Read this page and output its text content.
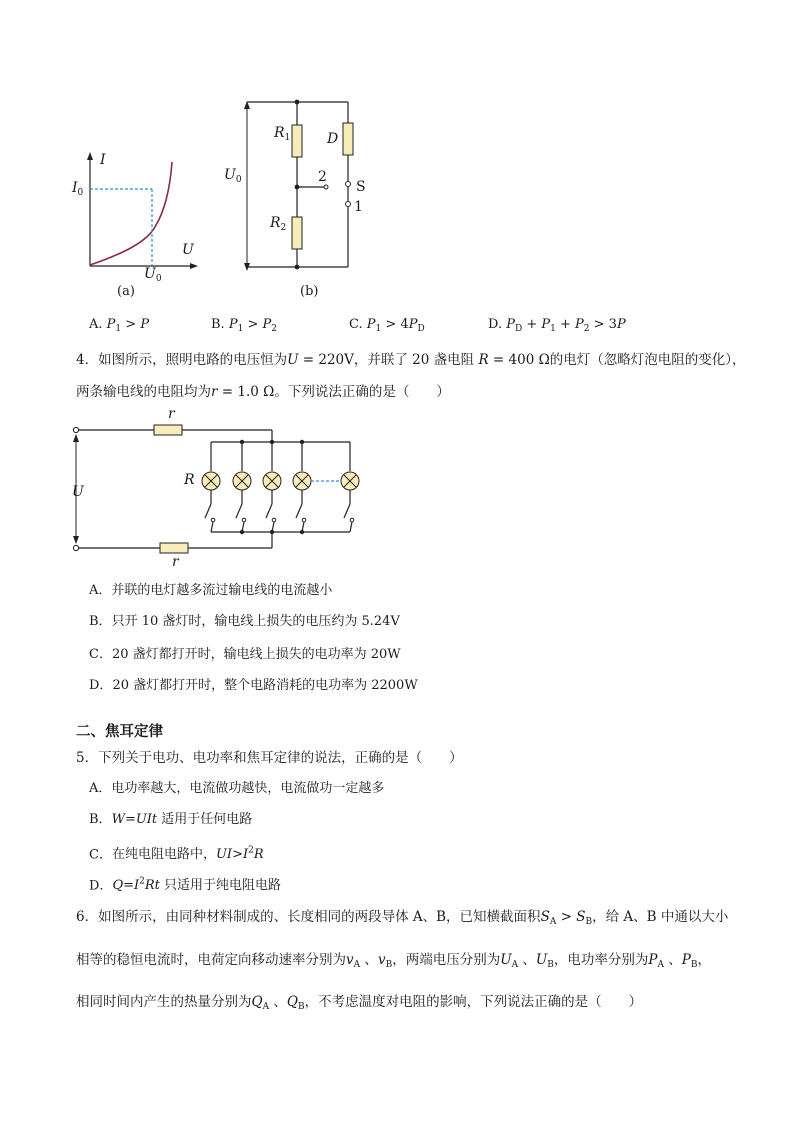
I
U
$I_0$
$U_0$
(a)
$R_1$
$R_2$
D
$U_0$	2
S
1
(b)
A. $P_1 > P$	B. $P_1 > P_2$	C. $P_1 > 4P_D$	D. $P_D + P_1 + P_2 > 3P$
4．如图所示，照明电路的电压恒为U = 220V，并联了 20 盏电阻 R = 400 Ω的电灯（忽略灯泡电阻的变化），
两条输电线的电阻均为r = 1.0 Ω。下列说法正确的是（　　）
r
r
U
R
A．并联的电灯越多流过输电线的电流越小
B．只开 10 盏灯时，输电线上损失的电压约为 5.24V
C．20 盏灯都打开时，输电线上损失的电功率为 20W
D．20 盏灯都打开时，整个电路消耗的电功率为 2200W
二、焦耳定律
5．下列关于电功、电功率和焦耳定律的说法，正确的是（　　）
A．电功率越大，电流做功越快，电流做功一定越多
B．W=UIt 适用于任何电路
C．在纯电阻电路中，$UI>I^2R$
D．$Q=I^2Rt$ 只适用于纯电阻电路
6．如图所示，由同种材料制成的、长度相同的两段导体 A、B，已知横截面积$S_A > S_B$，给 A、B 中通以大小
相等的稳恒电流时，电荷定向移动速率分别为$v_A$ 、$v_B$，两端电压分别为$U_A$ 、$U_B$，电功率分别为$P_A$ 、$P_B$，
相同时间内产生的热量分别为$Q_A$ 、$Q_B$，不考虑温度对电阻的影响，下列说法正确的是（　　）
